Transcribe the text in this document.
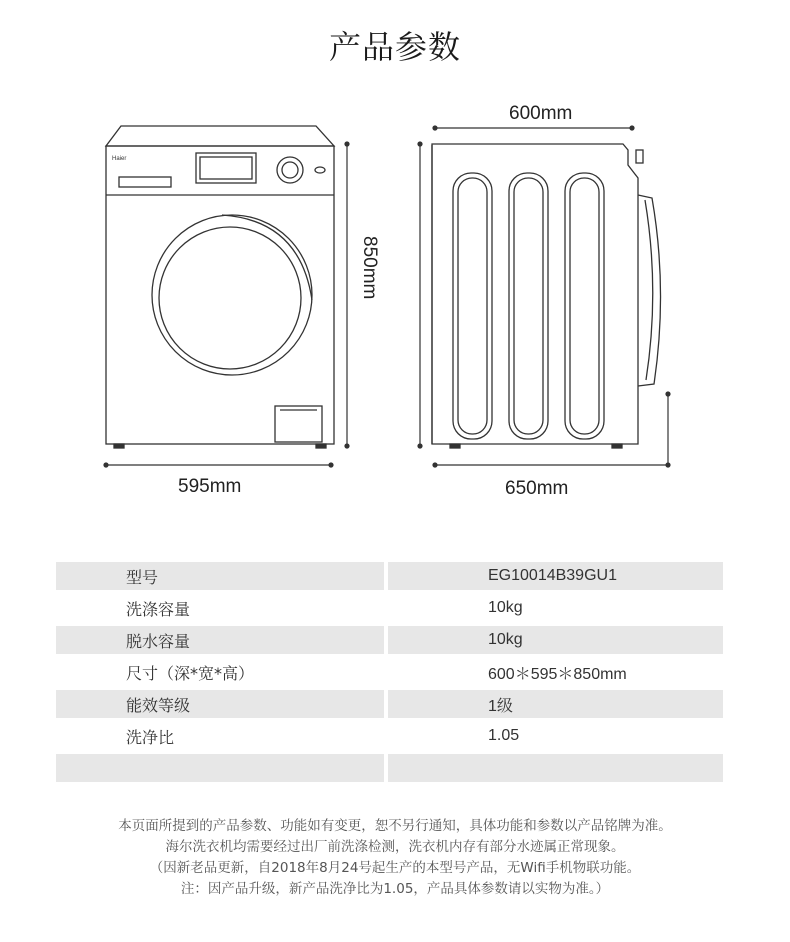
产品参数
Haier
595mm
850mm
600mm
650mm
型号	EG10014B39GU1
洗涤容量	10kg
脱水容量	10kg
尺寸（深*宽*高）	600＊595＊850mm
能效等级	1级
洗净比	1.05

本页面所提到的产品参数、功能如有变更，恕不另行通知，具体功能和参数以产品铭牌为准。
海尔洗衣机均需要经过出厂前洗涤检测，洗衣机内存有部分水迹属正常现象。
（因新老品更新，自2018年8月24号起生产的本型号产品，无Wifi手机物联功能。
注：因产品升级，新产品洗净比为1.05，产品具体参数请以实物为准。）
